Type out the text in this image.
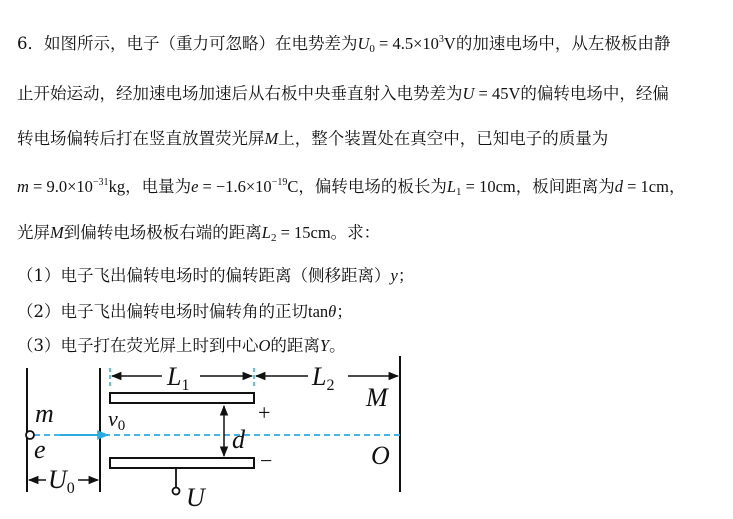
6．如图所示，电子（重力可忽略）在电势差为$U_0 = 4.5\times 10^3V$的加速电场中，从左极板由静
止开始运动，经加速电场加速后从右板中央垂直射入电势差为U = 45V的偏转电场中，经偏
转电场偏转后打在竖直放置荧光屏M上，整个装置处在真空中，已知电子的质量为
$m = 9.0\times 10^{-31}kg$，电量为$e = -1.6\times 10^{-19}C$，偏转电场的板长为$L_1 = 10cm$，板间距离为d = 1cm，
光屏M到偏转电场极板右端的距离$L_2 = 15cm$。求：
（1）电子飞出偏转电场时的偏转距离（侧移距离）y；
（2）电子飞出偏转电场时偏转角的正切tanθ；
（3）电子打在荧光屏上时到中心O的距离Y。
L1	L2
d
+
−
m
e
v0
M
O
U0	U
